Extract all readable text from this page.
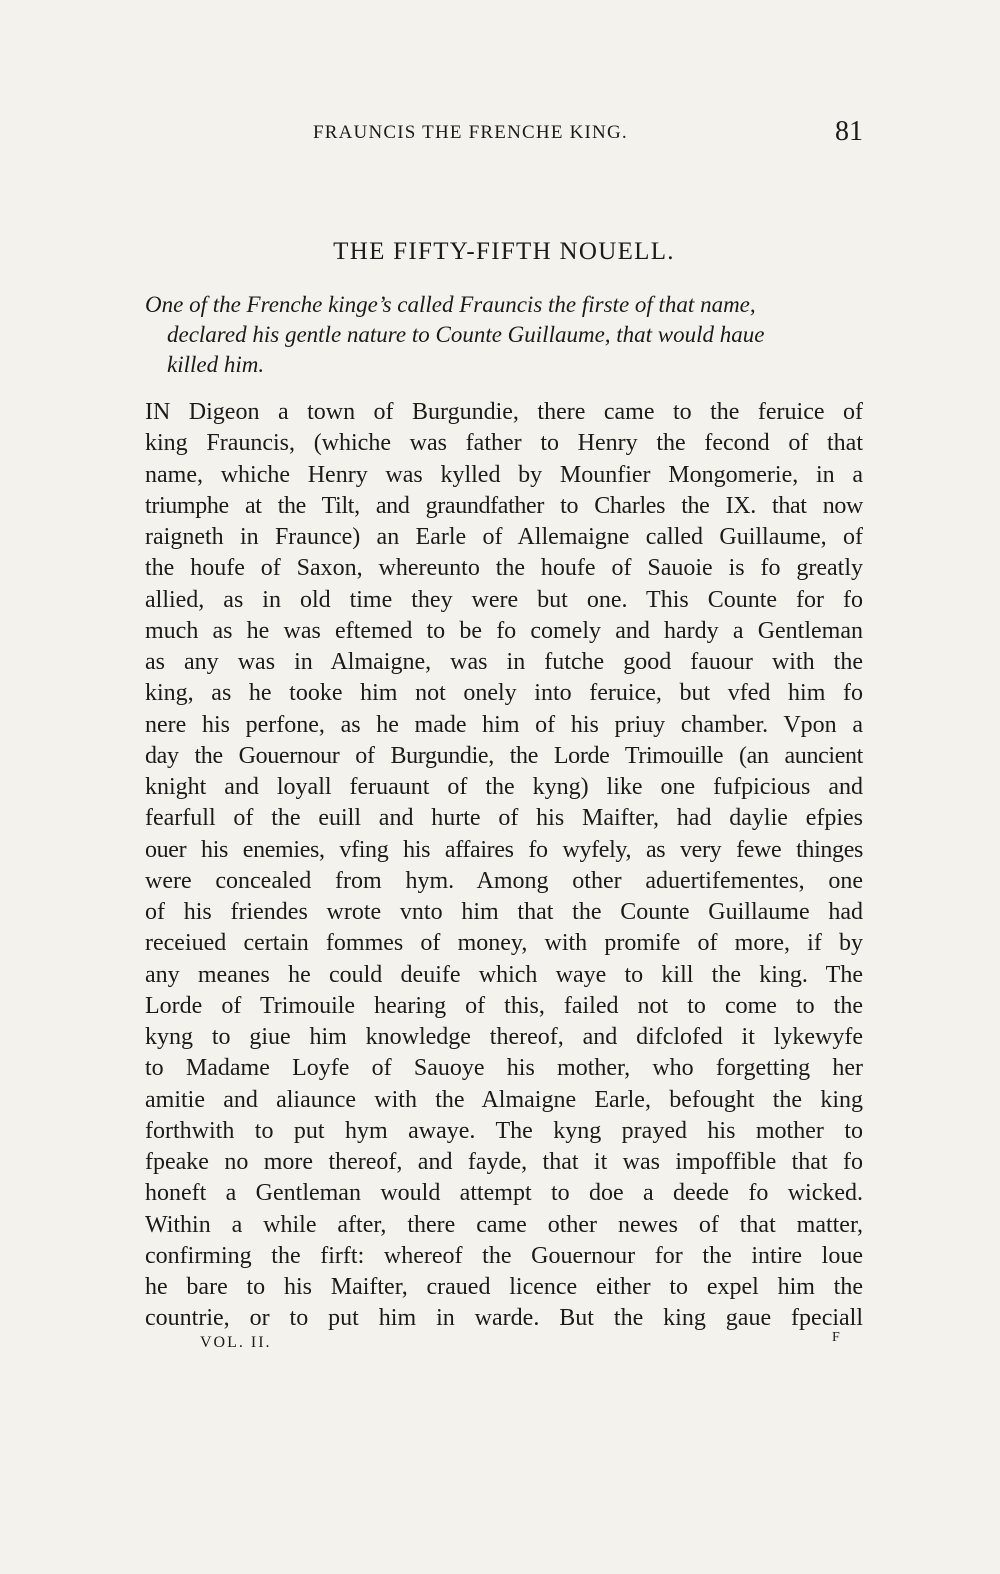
FRAUNCIS THE FRENCHE KING.	81
THE FIFTY-FIFTH NOUELL.
One of the Frenche kinge’s called Frauncis the firste of that name,
declared his gentle nature to Counte Guillaume, that would haue
killed him.
IN Digeon a town of Burgundie, there came to the feruice of
king Frauncis, (whiche was father to Henry the fecond of that
name, whiche Henry was kylled by Mounfier Mongomerie, in a
triumphe at the Tilt, and graundfather to Charles the IX. that now
raigneth in Fraunce) an Earle of Allemaigne called Guillaume, of
the houfe of Saxon, whereunto the houfe of Sauoie is fo greatly
allied, as in old time they were but one. This Counte for fo
much as he was eftemed to be fo comely and hardy a Gentleman
as any was in Almaigne, was in futche good fauour with the
king, as he tooke him not onely into feruice, but vfed him fo
nere his perfone, as he made him of his priuy chamber. Vpon a
day the Gouernour of Burgundie, the Lorde Trimouille (an auncient
knight and loyall feruaunt of the kyng) like one fufpicious and
fearfull of the euill and hurte of his Maifter, had daylie efpies
ouer his enemies, vfing his affaires fo wyfely, as very fewe thinges
were concealed from hym. Among other aduertifementes, one
of his friendes wrote vnto him that the Counte Guillaume had
receiued certain fommes of money, with promife of more, if by
any meanes he could deuife which waye to kill the king. The
Lorde of Trimouile hearing of this, failed not to come to the
kyng to giue him knowledge thereof, and difclofed it lykewyfe
to Madame Loyfe of Sauoye his mother, who forgetting her
amitie and aliaunce with the Almaigne Earle, befought the king
forthwith to put hym awaye. The kyng prayed his mother to
fpeake no more thereof, and fayde, that it was impoffible that fo
honeft a Gentleman would attempt to doe a deede fo wicked.
Within a while after, there came other newes of that matter,
confirming the firft: whereof the Gouernour for the intire loue
he bare to his Maifter, craued licence either to expel him the
countrie, or to put him in warde. But the king gaue fpeciall
VOL. II.	F
